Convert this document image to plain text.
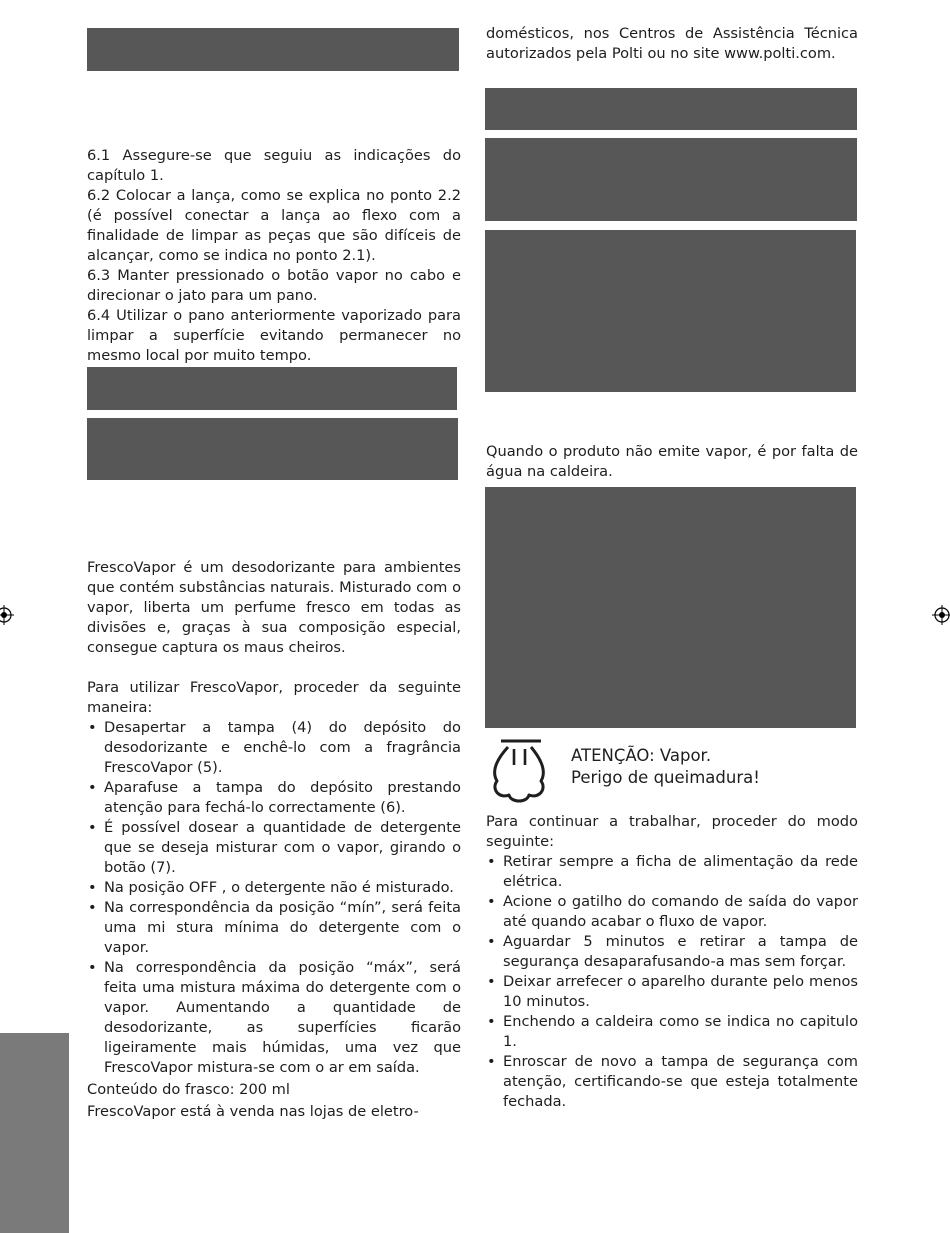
6.1 Assegure-se que seguiu as indicações do capítulo 1.

6.2 Colocar a lança, como se explica no ponto 2.2 (é possível conectar a lança ao flexo com a finalidade de limpar as peças que são difíceis de alcançar, como se indica no ponto 2.1).

6.3 Manter pressionado o botão vapor no cabo e direcionar o jato para um pano.

6.4 Utilizar o pano anteriormente vaporizado para limpar a superfície evitando permanecer no mesmo local por muito tempo.

FrescoVapor é um desodorizante para ambientes que contém substâncias naturais. Misturado com o vapor, liberta um perfume fresco em todas as divisões e, graças à sua composição especial, consegue captura os maus cheiros.

Para utilizar FrescoVapor, proceder da seguinte maneira:

• Desapertar a tampa (4) do depósito do desodorizante e enchê-lo com a fragrância FrescoVapor (5).
• Aparafuse a tampa do depósito prestando atenção para fechá-lo correctamente (6).
• É possível dosear a quantidade de detergente que se deseja misturar com o vapor, girando o botão (7).
• Na posição OFF , o detergente não é misturado.
• Na correspondência da posição “mín”, será feita uma mi stura mínima do detergente com o vapor.
• Na correspondência da posição “máx”, será feita uma mistura máxima do detergente com o vapor. Aumentando a quantidade de desodorizante, as superfícies ficarão ligeiramente mais húmidas, uma vez que FrescoVapor mistura-se com o ar em saída.

Conteúdo do frasco: 200 ml

FrescoVapor está à venda nas lojas de eletro-

domésticos, nos Centros de Assistência Técnica autorizados pela Polti ou no site www.polti.com.

Quando o produto não emite vapor, é por falta de água na caldeira.

ATENÇÃO: Vapor.
Perigo de queimadura!

Para continuar a trabalhar, proceder do modo seguinte:

• Retirar sempre a ficha de alimentação da rede elétrica.
• Acione o gatilho do comando de saída do vapor até quando acabar o fluxo de vapor.
• Aguardar 5 minutos e retirar a tampa de segurança desaparafusando-a mas sem forçar.
• Deixar arrefecer o aparelho durante pelo menos 10 minutos.
• Enchendo a caldeira como se indica no capitulo 1.
• Enroscar de novo a tampa de segurança com atenção, certificando-se que esteja totalmente fechada.
